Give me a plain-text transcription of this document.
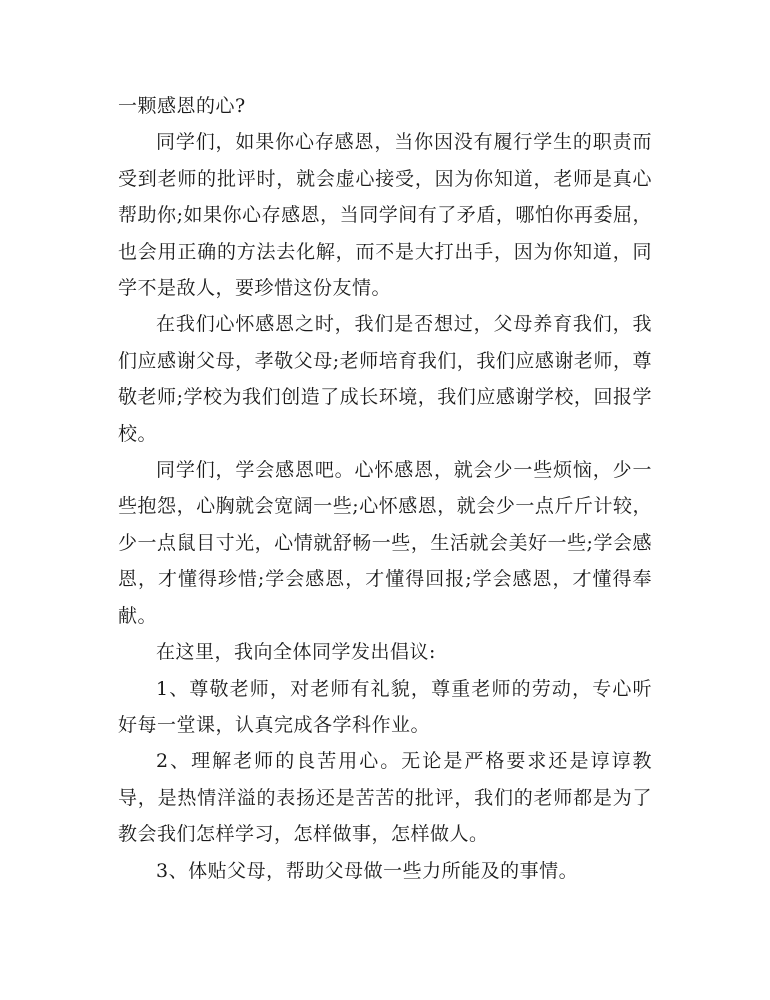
一颗感恩的心?

同学们，如果你心存感恩，当你因没有履行学生的职责而受到老师的批评时，就会虚心接受，因为你知道，老师是真心帮助你;如果你心存感恩，当同学间有了矛盾，哪怕你再委屈，也会用正确的方法去化解，而不是大打出手，因为你知道，同学不是敌人，要珍惜这份友情。

在我们心怀感恩之时，我们是否想过，父母养育我们，我们应感谢父母，孝敬父母;老师培育我们，我们应感谢老师，尊敬老师;学校为我们创造了成长环境，我们应感谢学校，回报学校。

同学们，学会感恩吧。心怀感恩，就会少一些烦恼，少一些抱怨，心胸就会宽阔一些;心怀感恩，就会少一点斤斤计较，少一点鼠目寸光，心情就舒畅一些，生活就会美好一些;学会感恩，才懂得珍惜;学会感恩，才懂得回报;学会感恩，才懂得奉献。

在这里，我向全体同学发出倡议:

1、尊敬老师，对老师有礼貌，尊重老师的劳动，专心听好每一堂课，认真完成各学科作业。

2、理解老师的良苦用心。无论是严格要求还是谆谆教导，是热情洋溢的表扬还是苦苦的批评，我们的老师都是为了教会我们怎样学习，怎样做事，怎样做人。

3、体贴父母，帮助父母做一些力所能及的事情。
